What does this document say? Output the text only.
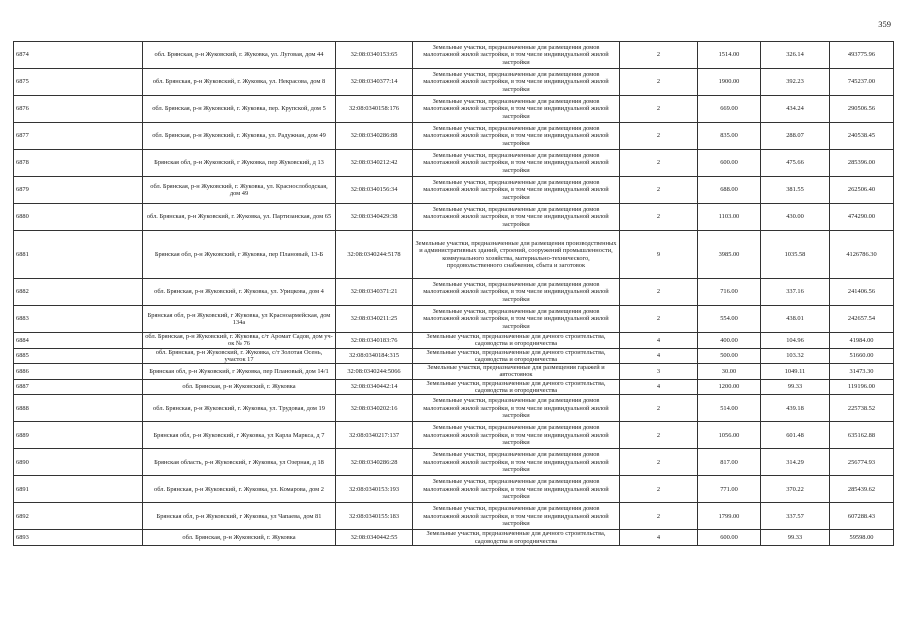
359
6874	обл. Брянская, р-н Жуковский, г. Жуковка, ул. Луговая, дом 44	32:08:0340153:65	Земельные участки, предназначенные для размещения домов малоэтажной жилой застройки, в том числе индивидуальной жилой застройки	2	1514.00	326.14	493775.96
6875	обл. Брянская, р-н Жуковский, г. Жуковка, ул. Некрасова, дом 8	32:08:0340377:14	Земельные участки, предназначенные для размещения домов малоэтажной жилой застройки, в том числе индивидуальной жилой застройки	2	1900.00	392.23	745237.00
6876	обл. Брянская, р-н Жуковский, г. Жуковка, пер. Крупской, дом 5	32:08:0340158:176	Земельные участки, предназначенные для размещения домов малоэтажной жилой застройки, в том числе индивидуальной жилой застройки	2	669.00	434.24	290506.56
6877	обл. Брянская, р-н Жуковский, г. Жуковка, ул. Радужная, дом 49	32:08:0340286:88	Земельные участки, предназначенные для размещения домов малоэтажной жилой застройки, в том числе индивидуальной жилой застройки	2	835.00	288.07	240538.45
6878	Брянская обл, р-н Жуковский, г Жуковка, пер Жуковский, д 13	32:08:0340212:42	Земельные участки, предназначенные для размещения домов малоэтажной жилой застройки, в том числе индивидуальной жилой застройки	2	600.00	475.66	285396.00
6879	обл. Брянская, р-н Жуковский, г. Жуковка, ул. Краснослободская, дом 49	32:08:0340156:34	Земельные участки, предназначенные для размещения домов малоэтажной жилой застройки, в том числе индивидуальной жилой застройки	2	688.00	381.55	262506.40
6880	обл. Брянская, р-н Жуковский, г. Жуковка, ул. Партизанская, дом 65	32:08:0340429:38	Земельные участки, предназначенные для размещения домов малоэтажной жилой застройки, в том числе индивидуальной жилой застройки	2	1103.00	430.00	474290.00
6881	Брянская обл, р-н Жуковский, г Жуковка, пер Плановый, 13-Б	32:08:0340244:5178	Земельные участки, предназначенные для размещения производственных и административных зданий, строений, сооружений промышленности, коммунального хозяйства, материально-технического, продовольственного снабжения, сбыта и заготовок	9	3985.00	1035.58	4126786.30
6882	обл. Брянская, р-н Жуковский, г. Жуковка, ул. Урицкова, дом 4	32:08:0340371:21	Земельные участки, предназначенные для размещения домов малоэтажной жилой застройки, в том числе индивидуальной жилой застройки	2	716.00	337.16	241406.56
6883	Брянская обл, р-н Жуковский, г Жуковка, ул Красноармейская, дом 134а	32:08:0340211:25	Земельные участки, предназначенные для размещения домов малоэтажной жилой застройки, в том числе индивидуальной жилой застройки	2	554.00	438.01	242657.54
6884	обл. Брянская, р-н Жуковский, г. Жуковка, с/т Аромат Садов, дом уч-ок № 76	32:08:0340183:76	Земельные участки, предназначенные для дачного строительства, садоводства и огородничества	4	400.00	104.96	41984.00
6885	обл. Брянская, р-н Жуковский, г. Жуковка, с/т Золотая Осень, участок 17	32:08:0340184:315	Земельные участки, предназначенные для дачного строительства, садоводства и огородничества	4	500.00	103.32	51660.00
6886	Брянская обл, р-н Жуковский, г Жуковка, пер Плановый, дом 14/1	32:08:0340244:5066	Земельные участки, предназначенные для размещения гаражей и автостоянок	3	30.00	1049.11	31473.30
6887	обл. Брянская, р-н Жуковский, г. Жуковка	32:08:0340442:14	Земельные участки, предназначенные для дачного строительства, садоводства и огородничества	4	1200.00	99.33	119196.00
6888	обл. Брянская, р-н Жуковский, г. Жуковка, ул. Трудовая, дом 19	32:08:0340202:16	Земельные участки, предназначенные для размещения домов малоэтажной жилой застройки, в том числе индивидуальной жилой застройки	2	514.00	439.18	225738.52
6889	Брянская обл, р-н Жуковский, г Жуковка, ул Карла Маркса, д 7	32:08:0340217:137	Земельные участки, предназначенные для размещения домов малоэтажной жилой застройки, в том числе индивидуальной жилой застройки	2	1056.00	601.48	635162.88
6890	Брянская область, р-н Жуковский, г Жуковка, ул Озерная, д 18	32:08:0340286:28	Земельные участки, предназначенные для размещения домов малоэтажной жилой застройки, в том числе индивидуальной жилой застройки	2	817.00	314.29	256774.93
6891	обл. Брянская, р-н Жуковский, г. Жуковка, ул. Комарова, дом 2	32:08:0340153:193	Земельные участки, предназначенные для размещения домов малоэтажной жилой застройки, в том числе индивидуальной жилой застройки	2	771.00	370.22	285439.62
6892	Брянская обл, р-н Жуковский, г Жуковка, ул Чапаева, дом 81	32:08:0340155:183	Земельные участки, предназначенные для размещения домов малоэтажной жилой застройки, в том числе индивидуальной жилой застройки	2	1799.00	337.57	607288.43
6893	обл. Брянская, р-н Жуковский, г. Жуковка	32:08:0340442:55	Земельные участки, предназначенные для дачного строительства, садоводства и огородничества	4	600.00	99.33	59598.00
